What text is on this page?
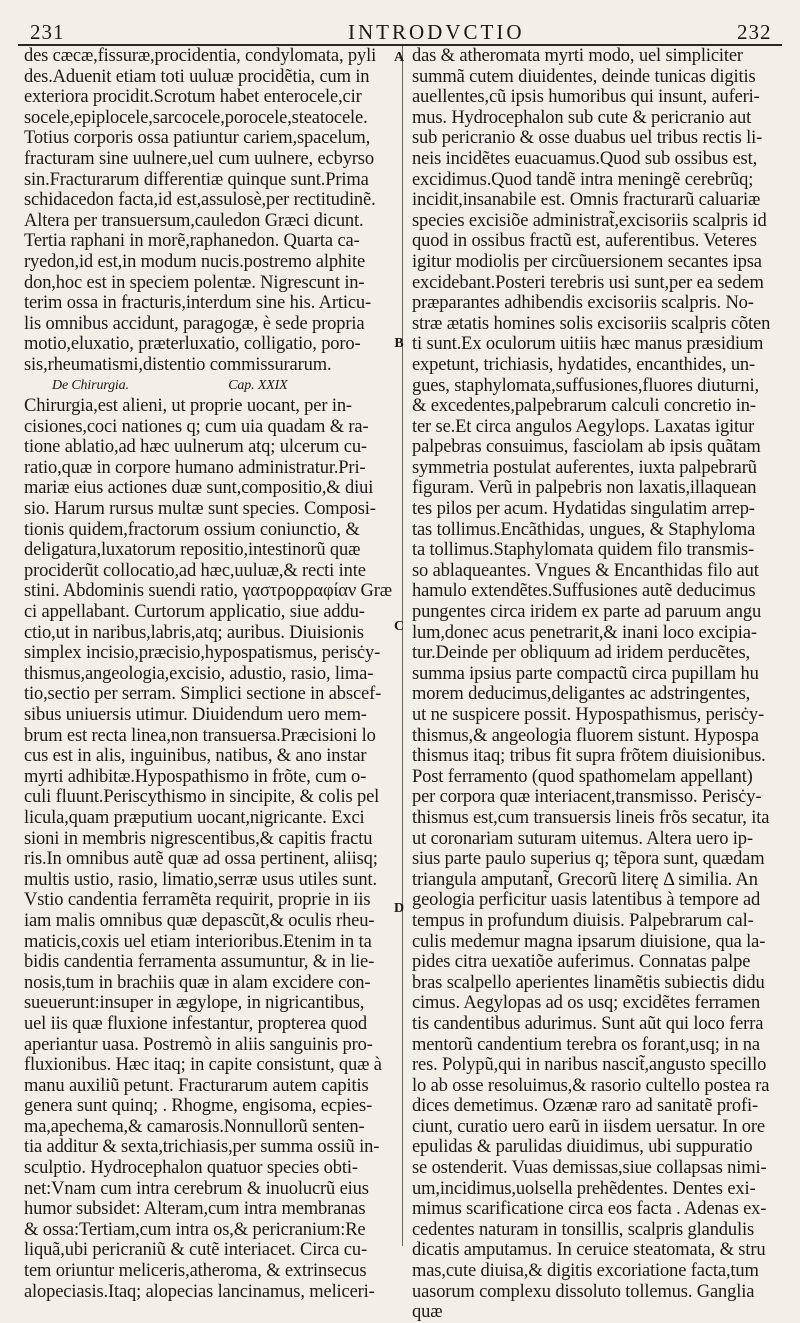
231	INTRODVCTIO	232
A
B
C
D
des cæcæ,fissuræ,procidentia, condylomata, pyli
des.Aduenit etiam toti uuluæ procidẽtia, cum in
exteriora procidit.Scrotum habet enterocele,cir
socele,epiplocele,sarcocele,porocele,steatocele.
Totius corporis ossa patiuntur cariem,spacelum,
fracturam sine uulnere,uel cum uulnere, ecbyrso
sin.Fracturarum differentiæ quinque sunt.Prima
schidacedon facta,id est,assulosè,per rectitudinẽ.
Altera per transuersum,cauledon Græci dicunt.
Tertia raphani in morẽ,raphanedon. Quarta ca-
ryedon,id est,in modum nucis.postremo alphite
don,hoc est in speciem polentæ. Nigrescunt in-
terim ossa in fracturis,interdum sine his. Articu-
lis omnibus accidunt, paragogæ, è sede propria
motio,eluxatio, præterluxatio, colligatio, poro-
sis,rheumatismi,distentio commissurarum.
De Chirurgia.	Cap. XXIX
Chirurgia,est alieni, ut proprie uocant, per in-
cisiones,coci nationes q; cum uia quadam & ra-
tione ablatio,ad hæc uulnerum atq; ulcerum cu-
ratio,quæ in corpore humano administratur.Pri-
mariæ eius actiones duæ sunt,compositio,& diui
sio. Harum rursus multæ sunt species. Composi-
tionis quidem,fractorum ossium coniunctio, &
deligatura,luxatorum repositio,intestinorũ quæ
prociderũt collocatio,ad hæc,uuluæ,& recti inte
stini. Abdominis suendi ratio, γαστρορραφίαν Græ
ci appellabant. Curtorum applicatio, siue addu-
ctio,ut in naribus,labris,atq; auribus. Diuisionis
simplex incisio,præcisio,hypospatismus, perisċy-
thismus,angeologia,excisio, adustio, rasio, lima-
tio,sectio per serram. Simplici sectione in abscef-
sibus uniuersis utimur. Diuidendum uero mem-
brum est recta linea,non transuersa.Præcisioni lo
cus est in alis, inguinibus, natibus, & ano instar
myrti adhibitæ.Hypospathismo in frõte, cum o-
culi fluunt.Periscythismo in sincipite, & colis pel
licula,quam præputium uocant,nigricante. Exci
sioni in membris nigrescentibus,& capitis fractu
ris.In omnibus autẽ quæ ad ossa pertinent, aliisq;
multis ustio, rasio, limatio,serræ usus utiles sunt.
Vstio candentia ferramẽta requirit, proprie in iis
iam malis omnibus quæ depascũt,& oculis rheu-
maticis,coxis uel etiam interioribus.Etenim in ta
bidis candentia ferramenta assumuntur, & in lie-
nosis,tum in brachiis quæ in alam excidere con-
sueuerunt:insuper in ægylope, in nigricantibus,
uel iis quæ fluxione infestantur, propterea quod
aperiantur uasa. Postremò in aliis sanguinis pro-
fluxionibus. Hæc itaq; in capite consistunt, quæ à
manu auxiliũ petunt. Fracturarum autem capitis
genera sunt quinq; . Rhogme, engisoma, ecpies-
ma,apechema,& camarosis.Nonnullorũ senten-
tia additur & sexta,trichiasis,per summa ossiũ in-
sculptio. Hydrocephalon quatuor species obti-
net:Vnam cum intra cerebrum & inuolucrũ eius
humor subsidet: Alteram,cum intra membranas
& ossa:Tertiam,cum intra os,& pericranium:Re
liquã,ubi pericraniũ & cutẽ interiacet. Circa cu-
tem oriuntur meliceris,atheroma, & extrinsecus
alopeciasis.Itaq; alopecias lancinamus, meliceri-
das & atheromata myrti modo, uel simpliciter
summã cutem diuidentes, deinde tunicas digitis
auellentes,cũ ipsis humoribus qui insunt, auferi-
mus. Hydrocephalon sub cute & pericranio aut
sub pericranio & osse duabus uel tribus rectis li-
neis incidẽtes euacuamus.Quod sub ossibus est,
excidimus.Quod tandẽ intra meningẽ cerebrũq;
incidit,insanabile est. Omnis fracturarũ caluariæ
species excisiõe administrat̃,excisoriis scalpris id
quod in ossibus fractũ est, auferentibus. Veteres
igitur modiolis per circũuersionem secantes ipsa
excidebant.Posteri terebris usi sunt,per ea sedem
præparantes adhibendis excisoriis scalpris. No-
stræ ætatis homines solis excisoriis scalpris cõten
ti sunt.Ex oculorum uitiis hæc manus præsidium
expetunt, trichiasis, hydatides, encanthides, un-
gues, staphylomata,suffusiones,fluores diuturni,
& excedentes,palpebrarum calculi concretio in-
ter se.Et circa angulos Aegylops. Laxatas igitur
palpebras consuimus, fasciolam ab ipsis quãtam
symmetria postulat auferentes, iuxta palpebrarũ
figuram. Verũ in palpebris non laxatis,illaquean
tes pilos per acum. Hydatidas singulatim arrep-
tas tollimus.Encãthidas, ungues, & Staphyloma
ta tollimus.Staphylomata quidem filo transmis-
so ablaqueantes. Vngues & Encanthidas filo aut
hamulo extendẽtes.Suffusiones autẽ deducimus
pungentes circa iridem ex parte ad paruum angu
lum,donec acus penetrarit,& inani loco excipia-
tur.Deinde per obliquum ad iridem perducẽtes,
summa ipsius parte compactũ circa pupillam hu
morem deducimus,deligantes ac adstringentes,
ut ne suspicere possit. Hypospathismus, perisċy-
thismus,& angeologia fluorem sistunt. Hypospa
thismus itaq; tribus fit supra frõtem diuisionibus.
Post ferramento (quod spathomelam appellant)
per corpora quæ interiacent,transmisso. Perisċy-
thismus est,cum transuersis lineis frõs secatur, ita
ut coronariam suturam uitemus. Altera uero ip-
sius parte paulo superius q; tẽpora sunt, quædam
triangula amputant̃, Grecorũ literę Δ similia. An
geologia perficitur uasis latentibus à tempore ad
tempus in profundum diuisis. Palpebrarum cal-
culis medemur magna ipsarum diuisione, qua la-
pides citra uexatiõe auferimus. Connatas palpe
bras scalpello aperientes linamẽtis subiectis didu
cimus. Aegylopas ad os usq; excidẽtes ferramen
tis candentibus adurimus. Sunt aũt qui loco ferra
mentorũ candentium terebra os forant,usq; in na
res. Polypũ,qui in naribus nascit̃,angusto specillo
lo ab osse resoluimus,& rasorio cultello postea ra
dices demetimus. Ozænæ raro ad sanitatẽ profi-
ciunt, curatio uero earũ in iisdem uersatur. In ore
epulidas & parulidas diuidimus, ubi suppuratio
se ostenderit. Vuas demissas,siue collapsas nimi-
um,incidimus,uolsella prehẽdentes. Dentes exi-
mimus scarificatione circa eos facta . Adenas ex-
cedentes naturam in tonsillis, scalpris glandulis
dicatis amputamus. In ceruice steatomata, & stru
mas,cute diuisa,& digitis excoriatione facta,tum
uasorum complexu dissoluto tollemus. Ganglia
quæ
